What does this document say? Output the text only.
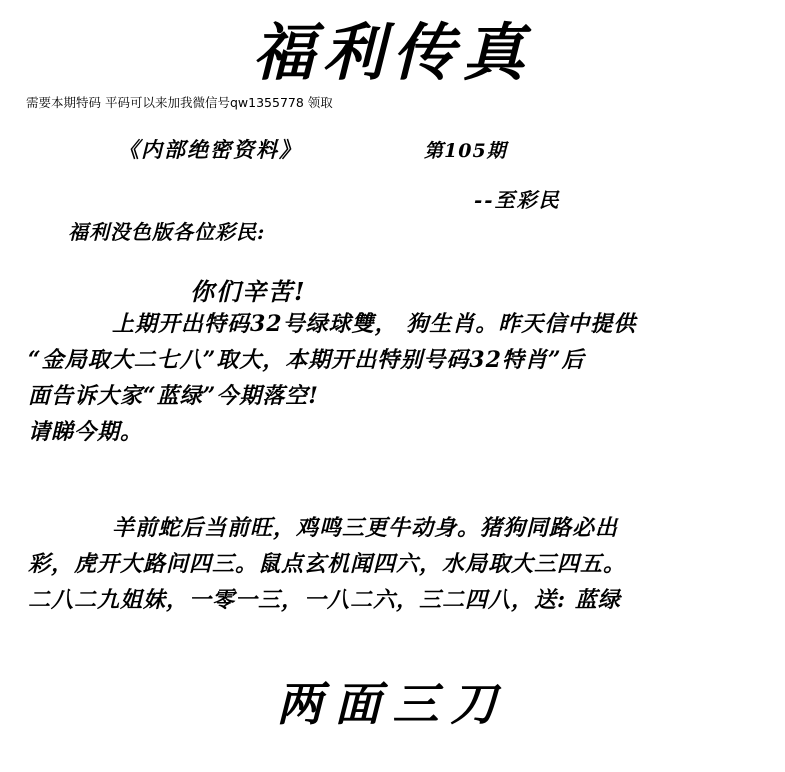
福利传真
需要本期特码 平码可以来加我微信号qw1355778 领取
《内部绝密资料》	第105期
--至彩民
福利没色版各位彩民:
你们辛苦!

上期开出特码32号绿球雙， 狗生肖。昨天信中提供

“金局取大二七八”取大，本期开出特别号码32特肖”后

面告诉大家“蓝绿”今期落空!

请睇今期。

羊前蛇后当前旺，鸡鸣三更牛动身。猪狗同路必出

彩，虎开大路问四三。鼠点玄机闻四六，水局取大三四五。

二八二九姐妹，一零一三，一八二六，三二四八，送: 蓝绿

两面三刀
